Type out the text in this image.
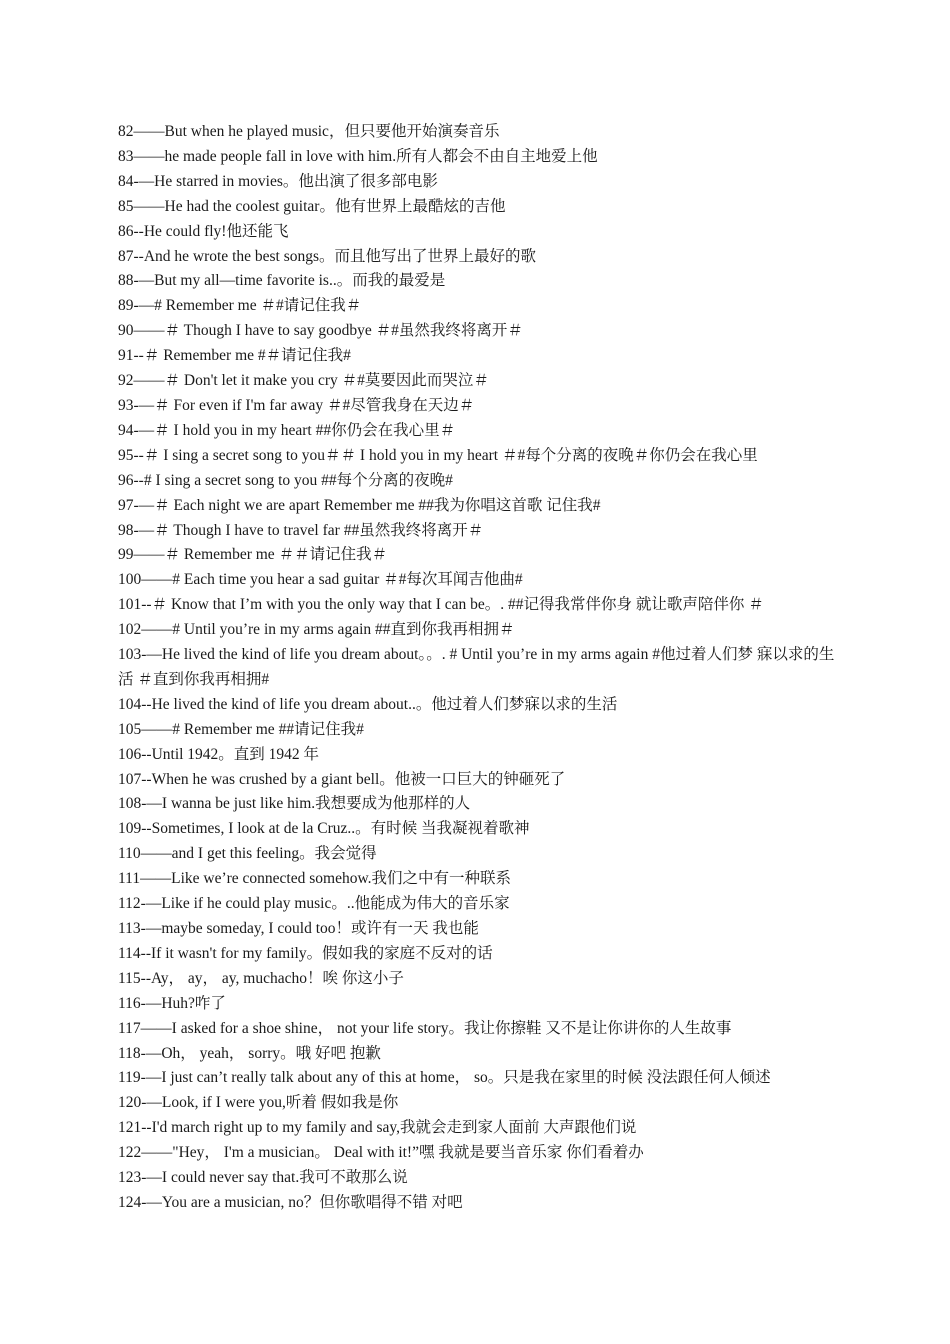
82——But when he played music，但只要他开始演奏音乐
83——he made people fall in love with him.所有人都会不由自主地爱上他
84-—He starred in movies。他出演了很多部电影
85——He had the coolest guitar。他有世界上最酷炫的吉他
86--He could fly!他还能飞
87--And he wrote the best songs。而且他写出了世界上最好的歌
88-—But my all—time favorite is..。而我的最爱是
89-—# Remember me ＃#请记住我＃
90——＃ Though I have to say goodbye ＃#虽然我终将离开＃
91--＃ Remember me #＃请记住我#
92——＃ Don't let it make you cry ＃#莫要因此而哭泣＃
93-—＃ For even if I'm far away ＃#尽管我身在天边＃
94-—＃ I hold you in my heart ##你仍会在我心里＃
95--＃ I sing a secret song to you＃＃ I hold you in my heart ＃#每个分离的夜晚＃你仍会在我心里
96--# I sing a secret song to you ##每个分离的夜晚#
97-—＃ Each night we are apart Remember me ##我为你唱这首歌 记住我#
98-—＃ Though I have to travel far ##虽然我终将离开＃
99——＃ Remember me ＃＃请记住我＃
100——# Each time you hear a sad guitar ＃#每次耳闻吉他曲#
101--＃ Know that I’m with you the only way that I can be。. ##记得我常伴你身 就让歌声陪伴你 ＃
102——# Until you’re in my arms again ##直到你我再相拥＃
103-—He lived the kind of life you dream about。。. # Until you’re in my arms again #他过着人们梦 寐以求的生活 ＃直到你我再相拥#
104--He lived the kind of life you dream about..。他过着人们梦寐以求的生活
105——# Remember me ##请记住我#
106--Until 1942。直到 1942 年
107--When he was crushed by a giant bell。他被一口巨大的钟砸死了
108-—I wanna be just like him.我想要成为他那样的人
109--Sometimes, I look at de la Cruz..。有时候 当我凝视着歌神
110——and I get this feeling。我会觉得
111——Like we’re connected somehow.我们之中有一种联系
112-—Like if he could play music。..他能成为伟大的音乐家
113-—maybe someday, I could too！或许有一天 我也能
114--If it wasn't for my family。假如我的家庭不反对的话
115--Ay， ay， ay, muchacho！唉 你这小子
116-—Huh?咋了
117——I asked for a shoe shine， not your life story。我让你擦鞋 又不是让你讲你的人生故事
118-—Oh， yeah， sorry。哦 好吧 抱歉
119-—I just can’t really talk about any of this at home， so。只是我在家里的时候 没法跟任何人倾述
120-—Look, if I were you,听着 假如我是你
121--I'd march right up to my family and say,我就会走到家人面前 大声跟他们说
122——"Hey， I'm a musician。 Deal with it!”嘿 我就是要当音乐家 你们看着办
123-—I could never say that.我可不敢那么说
124-—You are a musician, no？但你歌唱得不错 对吧
